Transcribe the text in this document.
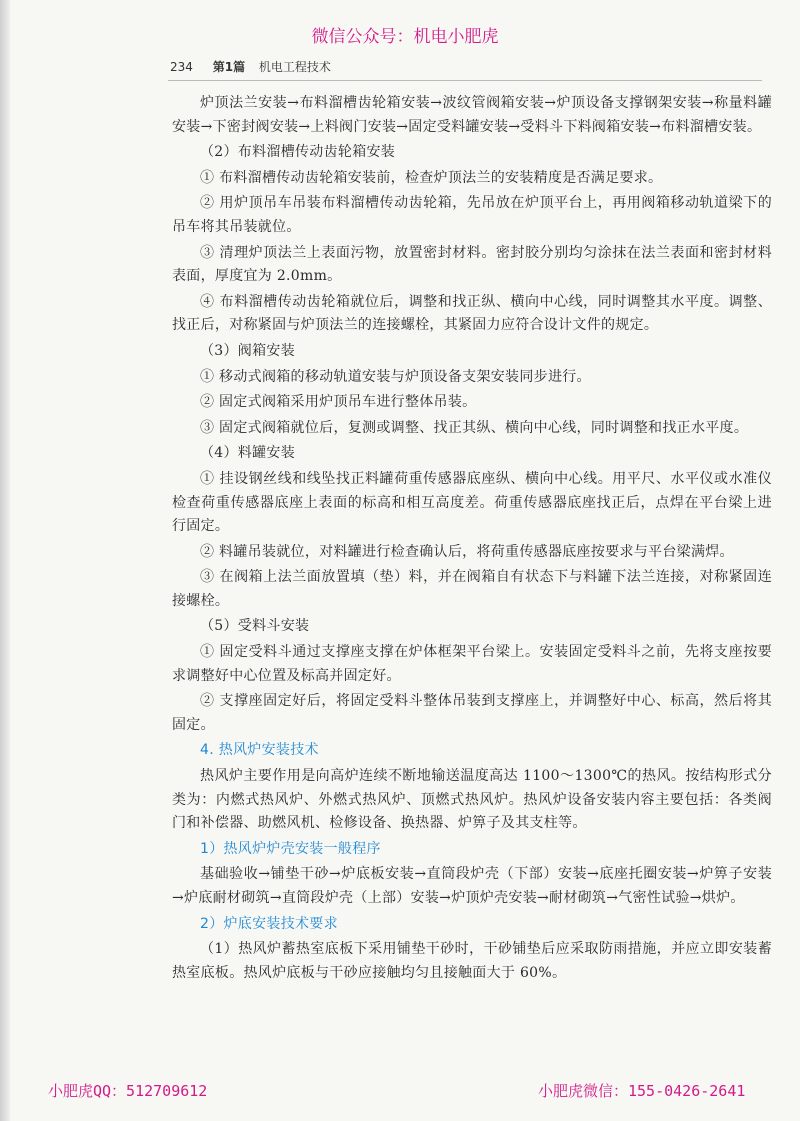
微信公众号：机电小肥虎
234 第1篇 机电工程技术

炉顶法兰安装→布料溜槽齿轮箱安装→波纹管阀箱安装→炉顶设备支撑钢架安装→称量料罐安装→下密封阀安装→上料阀门安装→固定受料罐安装→受料斗下料阀箱安装→布料溜槽安装。

（2）布料溜槽传动齿轮箱安装

① 布料溜槽传动齿轮箱安装前，检查炉顶法兰的安装精度是否满足要求。

② 用炉顶吊车吊装布料溜槽传动齿轮箱，先吊放在炉顶平台上，再用阀箱移动轨道梁下的吊车将其吊装就位。

③ 清理炉顶法兰上表面污物，放置密封材料。密封胶分别均匀涂抹在法兰表面和密封材料表面，厚度宜为 2.0mm。

④ 布料溜槽传动齿轮箱就位后，调整和找正纵、横向中心线，同时调整其水平度。调整、找正后，对称紧固与炉顶法兰的连接螺栓，其紧固力应符合设计文件的规定。

（3）阀箱安装

① 移动式阀箱的移动轨道安装与炉顶设备支架安装同步进行。

② 固定式阀箱采用炉顶吊车进行整体吊装。

③ 固定式阀箱就位后，复测或调整、找正其纵、横向中心线，同时调整和找正水平度。

（4）料罐安装

① 挂设钢丝线和线坠找正料罐荷重传感器底座纵、横向中心线。用平尺、水平仪或水准仪检查荷重传感器底座上表面的标高和相互高度差。荷重传感器底座找正后，点焊在平台梁上进行固定。

② 料罐吊装就位，对料罐进行检查确认后，将荷重传感器底座按要求与平台梁满焊。

③ 在阀箱上法兰面放置填（垫）料，并在阀箱自有状态下与料罐下法兰连接，对称紧固连接螺栓。

（5）受料斗安装

① 固定受料斗通过支撑座支撑在炉体框架平台梁上。安装固定受料斗之前，先将支座按要求调整好中心位置及标高并固定好。

② 支撑座固定好后，将固定受料斗整体吊装到支撑座上，并调整好中心、标高，然后将其固定。

4. 热风炉安装技术

热风炉主要作用是向高炉连续不断地输送温度高达 1100～1300℃的热风。按结构形式分类为：内燃式热风炉、外燃式热风炉、顶燃式热风炉。热风炉设备安装内容主要包括：各类阀门和补偿器、助燃风机、检修设备、换热器、炉箅子及其支柱等。

1）热风炉炉壳安装一般程序

基础验收→铺垫干砂→炉底板安装→直筒段炉壳（下部）安装→底座托圈安装→炉箅子安装→炉底耐材砌筑→直筒段炉壳（上部）安装→炉顶炉壳安装→耐材砌筑→气密性试验→烘炉。

2）炉底安装技术要求

（1）热风炉蓄热室底板下采用铺垫干砂时，干砂铺垫后应采取防雨措施，并应立即安装蓄热室底板。热风炉底板与干砂应接触均匀且接触面大于 60%。

小肥虎QQ：512709612	小肥虎微信：155-0426-2641
